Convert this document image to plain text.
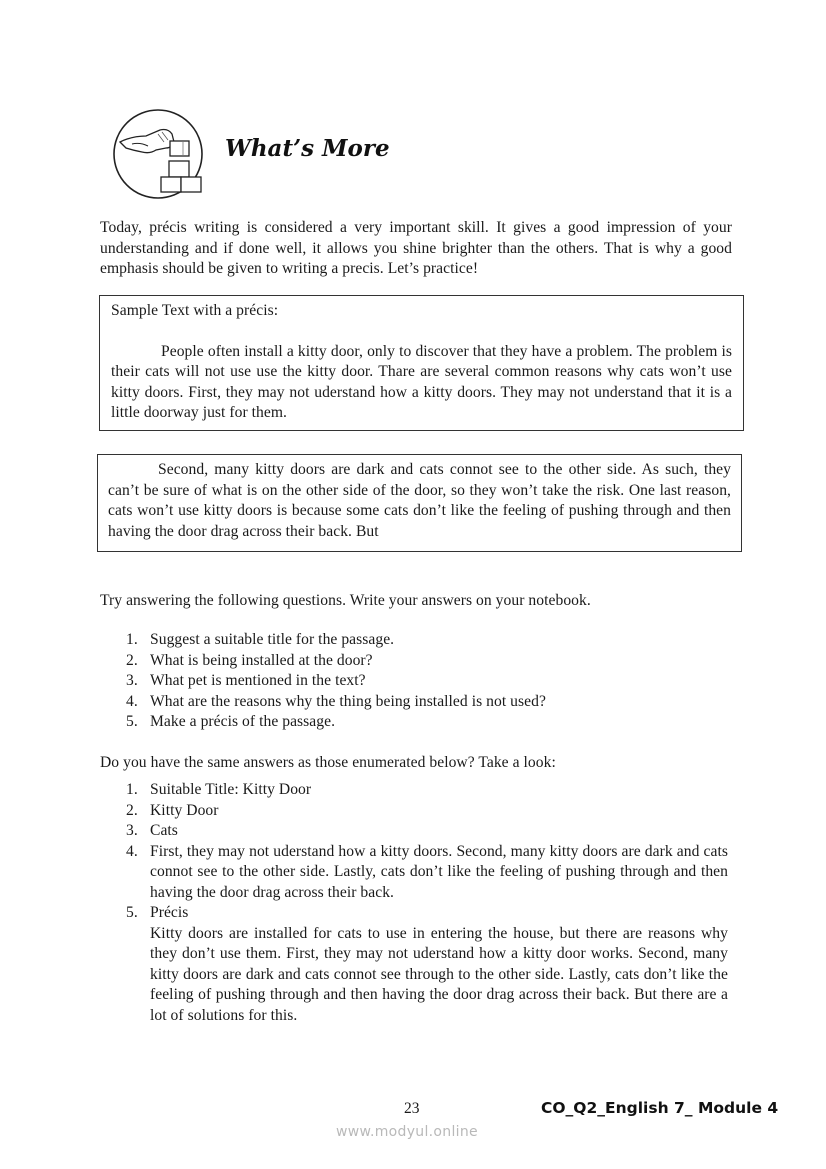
What’s More

Today, précis writing is considered a very important skill. It gives a good impression of your understanding and if done well, it allows you shine brighter than the others. That is why a good emphasis should be given to writing a precis. Let’s practice!

Sample Text with a précis:

People often install a kitty door, only to discover that they have a problem. The problem is their cats will not use use the kitty door. Thare are several common reasons why cats won’t use kitty doors. First, they may not uderstand how a kitty doors. They may not understand that it is a little doorway just for them.

Second, many kitty doors are dark and cats connot see to the other side. As such, they can’t be sure of what is on the other side of the door, so they won’t take the risk. One last reason, cats won’t use kitty doors is because some cats don’t like the feeling of pushing through and then having the door drag across their back. But

Try answering the following questions. Write your answers on your notebook.

1. Suggest a suitable title for the passage.
2. What is being installed at the door?
3. What pet is mentioned in the text?
4. What are the reasons why the thing being installed is not used?
5. Make a précis of the passage.

Do you have the same answers as those enumerated below? Take a look:

1. Suitable Title: Kitty Door
2. Kitty Door
3. Cats
4. First, they may not uderstand how a kitty doors. Second, many kitty doors are dark and cats connot see to the other side. Lastly, cats don’t like the feeling of pushing through and then having the door drag across their back.
5. Précis
Kitty doors are installed for cats to use in entering the house, but there are reasons why they don’t use them. First, they may not uderstand how a kitty door works. Second, many kitty doors are dark and cats connot see through to the other side. Lastly, cats don’t like the feeling of pushing through and then having the door drag across their back. But there are a lot of solutions for this.
23	CO_Q2_English 7_ Module 4
www.modyul.online
